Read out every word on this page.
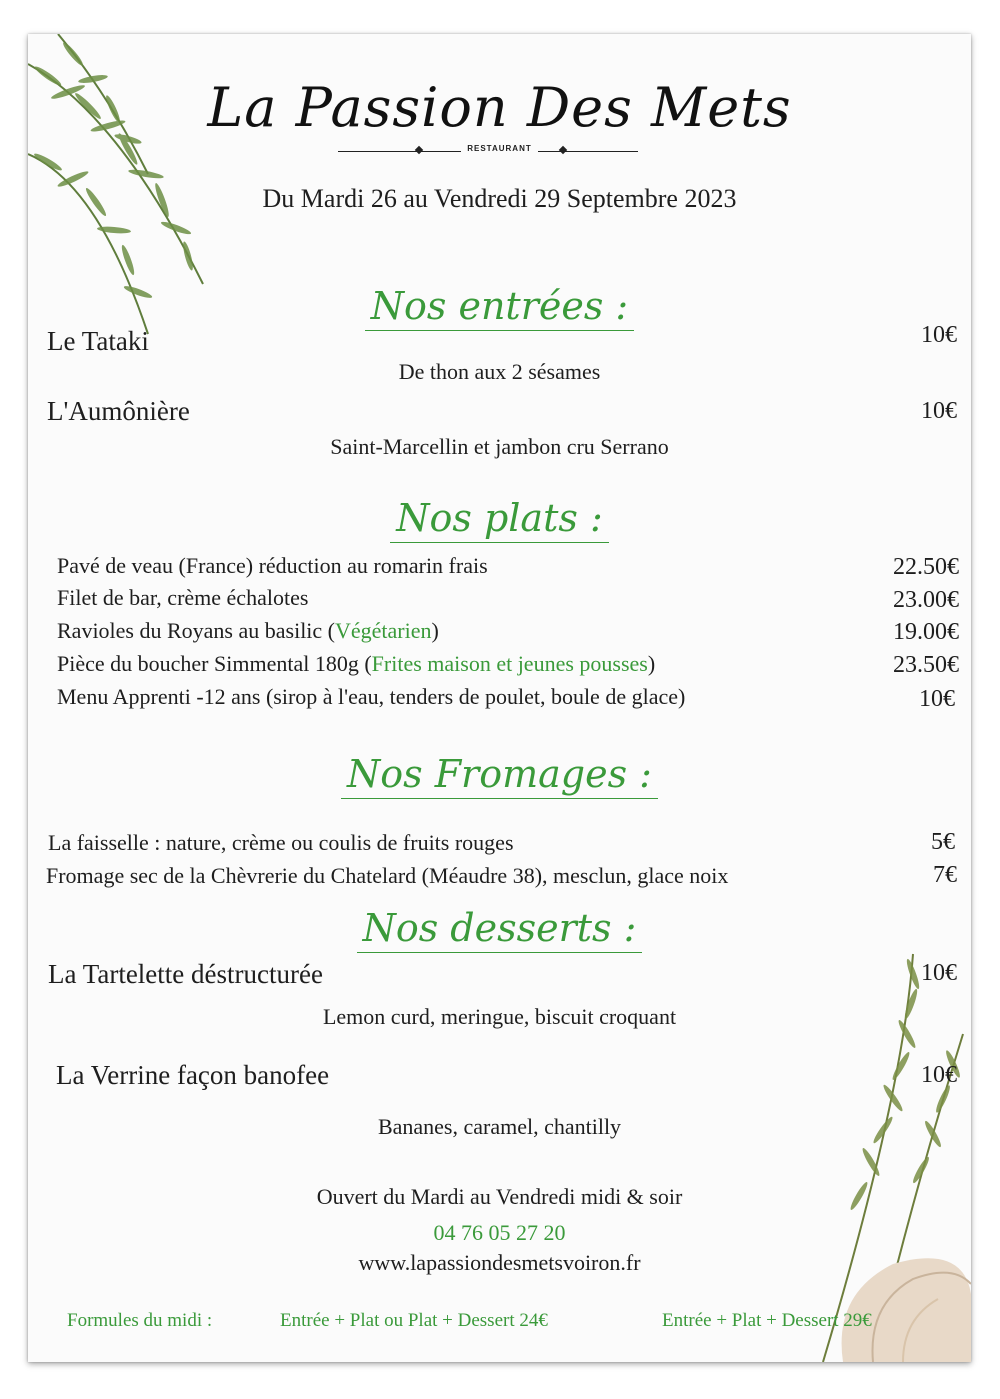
La Passion Des Mets
RESTAURANT
Du Mardi 26 au Vendredi 29 Septembre 2023
Nos entrées :
Le Tataki	10€
De thon aux 2 sésames
L'Aumônière	10€
Saint-Marcellin et jambon cru Serrano
Nos plats :
Pavé de veau (France) réduction au romarin frais	22.50€
Filet de bar, crème échalotes	23.00€
Ravioles du Royans au basilic (Végétarien)	19.00€
Pièce du boucher Simmental 180g (Frites maison et jeunes pousses)	23.50€
Menu Apprenti -12 ans (sirop à l'eau, tenders de poulet, boule de glace)	10€
Nos Fromages :
La faisselle : nature, crème ou coulis de fruits rouges	5€
Fromage sec de la Chèvrerie du Chatelard (Méaudre 38), mesclun, glace noix	7€
Nos desserts :
La Tartelette déstructurée	10€
Lemon curd, meringue, biscuit croquant
La Verrine façon banofee	10€
Bananes, caramel, chantilly
Ouvert du Mardi au Vendredi midi & soir
04 76 05 27 20
www.lapassiondesmetsvoiron.fr
Formules du midi :	Entrée + Plat ou Plat + Dessert 24€	Entrée + Plat + Dessert 29€
